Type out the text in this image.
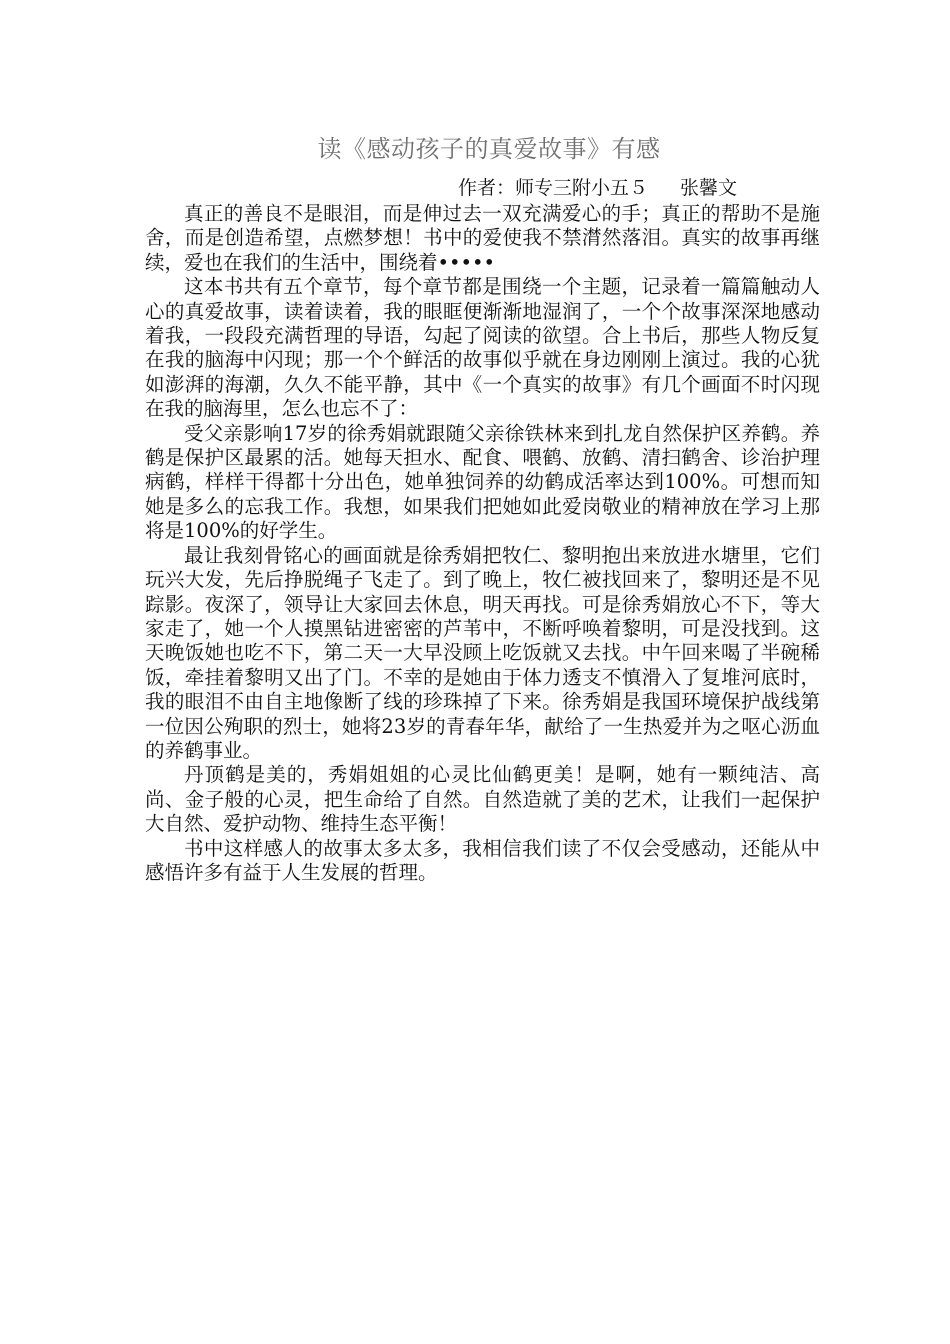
读《感动孩子的真爱故事》有感
作者：师专三附小五５ 张馨文

真正的善良不是眼泪，而是伸过去一双充满爱心的手；真正的帮助不是施舍，而是创造希望，点燃梦想！书中的爱使我不禁潸然落泪。真实的故事再继续，爱也在我们的生活中，围绕着•••••

这本书共有五个章节，每个章节都是围绕一个主题，记录着一篇篇触动人心的真爱故事，读着读着，我的眼眶便渐渐地湿润了，一个个故事深深地感动着我，一段段充满哲理的导语，勾起了阅读的欲望。合上书后，那些人物反复在我的脑海中闪现；那一个个鲜活的故事似乎就在身边刚刚上演过。我的心犹如澎湃的海潮，久久不能平静，其中《一个真实的故事》有几个画面不时闪现在我的脑海里，怎么也忘不了：

受父亲影响17岁的徐秀娟就跟随父亲徐铁林来到扎龙自然保护区养鹤。养鹤是保护区最累的活。她每天担水、配食、喂鹤、放鹤、清扫鹤舍、诊治护理病鹤，样样干得都十分出色，她单独饲养的幼鹤成活率达到100%。可想而知她是多么的忘我工作。我想，如果我们把她如此爱岗敬业的精神放在学习上那将是100%的好学生。

最让我刻骨铭心的画面就是徐秀娟把牧仁、黎明抱出来放进水塘里，它们玩兴大发，先后挣脱绳子飞走了。到了晚上，牧仁被找回来了，黎明还是不见踪影。夜深了，领导让大家回去休息，明天再找。可是徐秀娟放心不下，等大家走了，她一个人摸黑钻进密密的芦苇中，不断呼唤着黎明，可是没找到。这天晚饭她也吃不下，第二天一大早没顾上吃饭就又去找。中午回来喝了半碗稀饭，牵挂着黎明又出了门。不幸的是她由于体力透支不慎滑入了复堆河底时，我的眼泪不由自主地像断了线的珍珠掉了下来。徐秀娟是我国环境保护战线第一位因公殉职的烈士，她将23岁的青春年华，献给了一生热爱并为之呕心沥血的养鹤事业。

丹顶鹤是美的，秀娟姐姐的心灵比仙鹤更美！是啊，她有一颗纯洁、高尚、金子般的心灵，把生命给了自然。自然造就了美的艺术，让我们一起保护大自然、爱护动物、维持生态平衡！

书中这样感人的故事太多太多，我相信我们读了不仅会受感动，还能从中感悟许多有益于人生发展的哲理。
